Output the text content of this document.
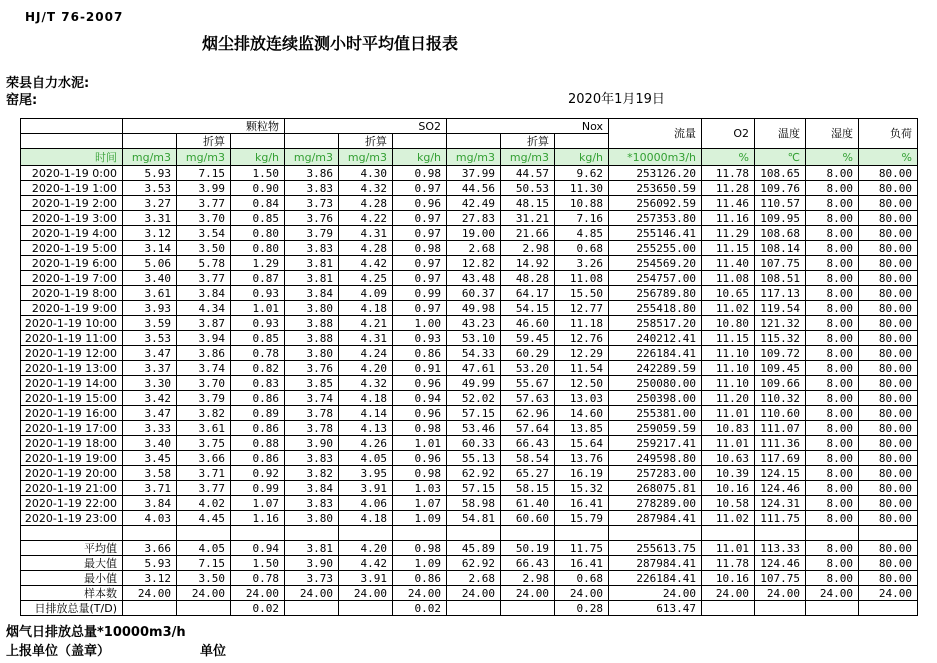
HJ/T 76-2007
烟尘排放连续监测小时平均值日报表
荣县自力水泥:
窑尾:	2020年1月19日
	颗粒物			SO2			Nox			流量	O2	温度	湿度	负荷
		折算			折算			折算						
时间	mg/m3	mg/m3	kg/h	mg/m3	mg/m3	kg/h	mg/m3	mg/m3	kg/h	*10000m3/h	%	℃	%	%
2020-1-19 0:00	5.93	7.15	1.50	3.86	4.30	0.98	37.99	44.57	9.62	253126.20	11.78	108.65	8.00	80.00
2020-1-19 1:00	3.53	3.99	0.90	3.83	4.32	0.97	44.56	50.53	11.30	253650.59	11.28	109.76	8.00	80.00
2020-1-19 2:00	3.27	3.77	0.84	3.73	4.28	0.96	42.49	48.15	10.88	256092.59	11.46	110.57	8.00	80.00
2020-1-19 3:00	3.31	3.70	0.85	3.76	4.22	0.97	27.83	31.21	7.16	257353.80	11.16	109.95	8.00	80.00
2020-1-19 4:00	3.12	3.54	0.80	3.79	4.31	0.97	19.00	21.66	4.85	255146.41	11.29	108.68	8.00	80.00
2020-1-19 5:00	3.14	3.50	0.80	3.83	4.28	0.98	2.68	2.98	0.68	255255.00	11.15	108.14	8.00	80.00
2020-1-19 6:00	5.06	5.78	1.29	3.81	4.42	0.97	12.82	14.92	3.26	254569.20	11.40	107.75	8.00	80.00
2020-1-19 7:00	3.40	3.77	0.87	3.81	4.25	0.97	43.48	48.28	11.08	254757.00	11.08	108.51	8.00	80.00
2020-1-19 8:00	3.61	3.84	0.93	3.84	4.09	0.99	60.37	64.17	15.50	256789.80	10.65	117.13	8.00	80.00
2020-1-19 9:00	3.93	4.34	1.01	3.80	4.18	0.97	49.98	54.15	12.77	255418.80	11.02	119.54	8.00	80.00
2020-1-19 10:00	3.59	3.87	0.93	3.88	4.21	1.00	43.23	46.60	11.18	258517.20	10.80	121.32	8.00	80.00
2020-1-19 11:00	3.53	3.94	0.85	3.88	4.31	0.93	53.10	59.45	12.76	240212.41	11.15	115.32	8.00	80.00
2020-1-19 12:00	3.47	3.86	0.78	3.80	4.24	0.86	54.33	60.29	12.29	226184.41	11.10	109.72	8.00	80.00
2020-1-19 13:00	3.37	3.74	0.82	3.76	4.20	0.91	47.61	53.20	11.54	242289.59	11.10	109.45	8.00	80.00
2020-1-19 14:00	3.30	3.70	0.83	3.85	4.32	0.96	49.99	55.67	12.50	250080.00	11.10	109.66	8.00	80.00
2020-1-19 15:00	3.42	3.79	0.86	3.74	4.18	0.94	52.02	57.63	13.03	250398.00	11.20	110.32	8.00	80.00
2020-1-19 16:00	3.47	3.82	0.89	3.78	4.14	0.96	57.15	62.96	14.60	255381.00	11.01	110.60	8.00	80.00
2020-1-19 17:00	3.33	3.61	0.86	3.78	4.13	0.98	53.46	57.64	13.85	259059.59	10.83	111.07	8.00	80.00
2020-1-19 18:00	3.40	3.75	0.88	3.90	4.26	1.01	60.33	66.43	15.64	259217.41	11.01	111.36	8.00	80.00
2020-1-19 19:00	3.45	3.66	0.86	3.83	4.05	0.96	55.13	58.54	13.76	249598.80	10.63	117.69	8.00	80.00
2020-1-19 20:00	3.58	3.71	0.92	3.82	3.95	0.98	62.92	65.27	16.19	257283.00	10.39	124.15	8.00	80.00
2020-1-19 21:00	3.71	3.77	0.99	3.84	3.91	1.03	57.15	58.15	15.32	268075.81	10.16	124.46	8.00	80.00
2020-1-19 22:00	3.84	4.02	1.07	3.83	4.06	1.07	58.98	61.40	16.41	278289.00	10.58	124.31	8.00	80.00
2020-1-19 23:00	4.03	4.45	1.16	3.80	4.18	1.09	54.81	60.60	15.79	287984.41	11.02	111.75	8.00	80.00

平均值	3.66	4.05	0.94	3.81	4.20	0.98	45.89	50.19	11.75	255613.75	11.01	113.33	8.00	80.00
最大值	5.93	7.15	1.50	3.90	4.42	1.09	62.92	66.43	16.41	287984.41	11.78	124.46	8.00	80.00
最小值	3.12	3.50	0.78	3.73	3.91	0.86	2.68	2.98	0.68	226184.41	10.16	107.75	8.00	80.00
样本数	24.00	24.00	24.00	24.00	24.00	24.00	24.00	24.00	24.00	24.00	24.00	24.00	24.00	24.00
日排放总量(T/D)			0.02			0.02			0.28	613.47				
烟气日排放总量*10000m3/h
上报单位（盖章）	单位
